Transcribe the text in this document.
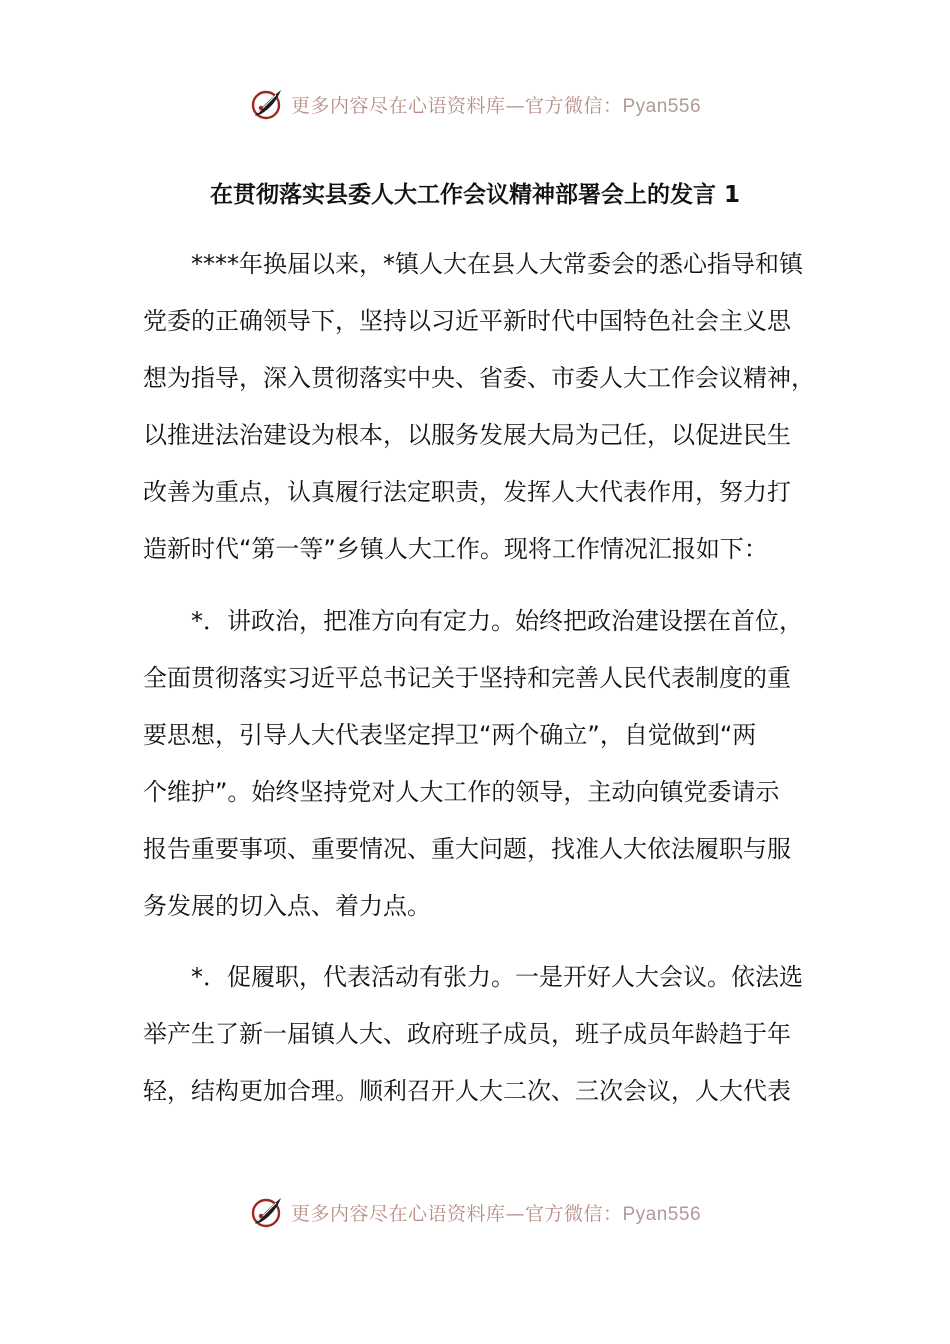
更多内容尽在心语资料库—官方微信：Pyan556
在贯彻落实县委人大工作会议精神部署会上的发言 1
****年换届以来，*镇人大在县人大常委会的悉心指导和镇
党委的正确领导下，坚持以习近平新时代中国特色社会主义思
想为指导，深入贯彻落实中央、省委、市委人大工作会议精神，
以推进法治建设为根本，以服务发展大局为己任，以促进民生
改善为重点，认真履行法定职责，发挥人大代表作用，努力打
造新时代“第一等”乡镇人大工作。现将工作情况汇报如下：
*．讲政治，把准方向有定力。始终把政治建设摆在首位，
全面贯彻落实习近平总书记关于坚持和完善人民代表制度的重
要思想，引导人大代表坚定捍卫“两个确立”，自觉做到“两
个维护”。始终坚持党对人大工作的领导，主动向镇党委请示
报告重要事项、重要情况、重大问题，找准人大依法履职与服
务发展的切入点、着力点。
*．促履职，代表活动有张力。一是开好人大会议。依法选
举产生了新一届镇人大、政府班子成员，班子成员年龄趋于年
轻，结构更加合理。顺利召开人大二次、三次会议，人大代表
更多内容尽在心语资料库—官方微信：Pyan556
